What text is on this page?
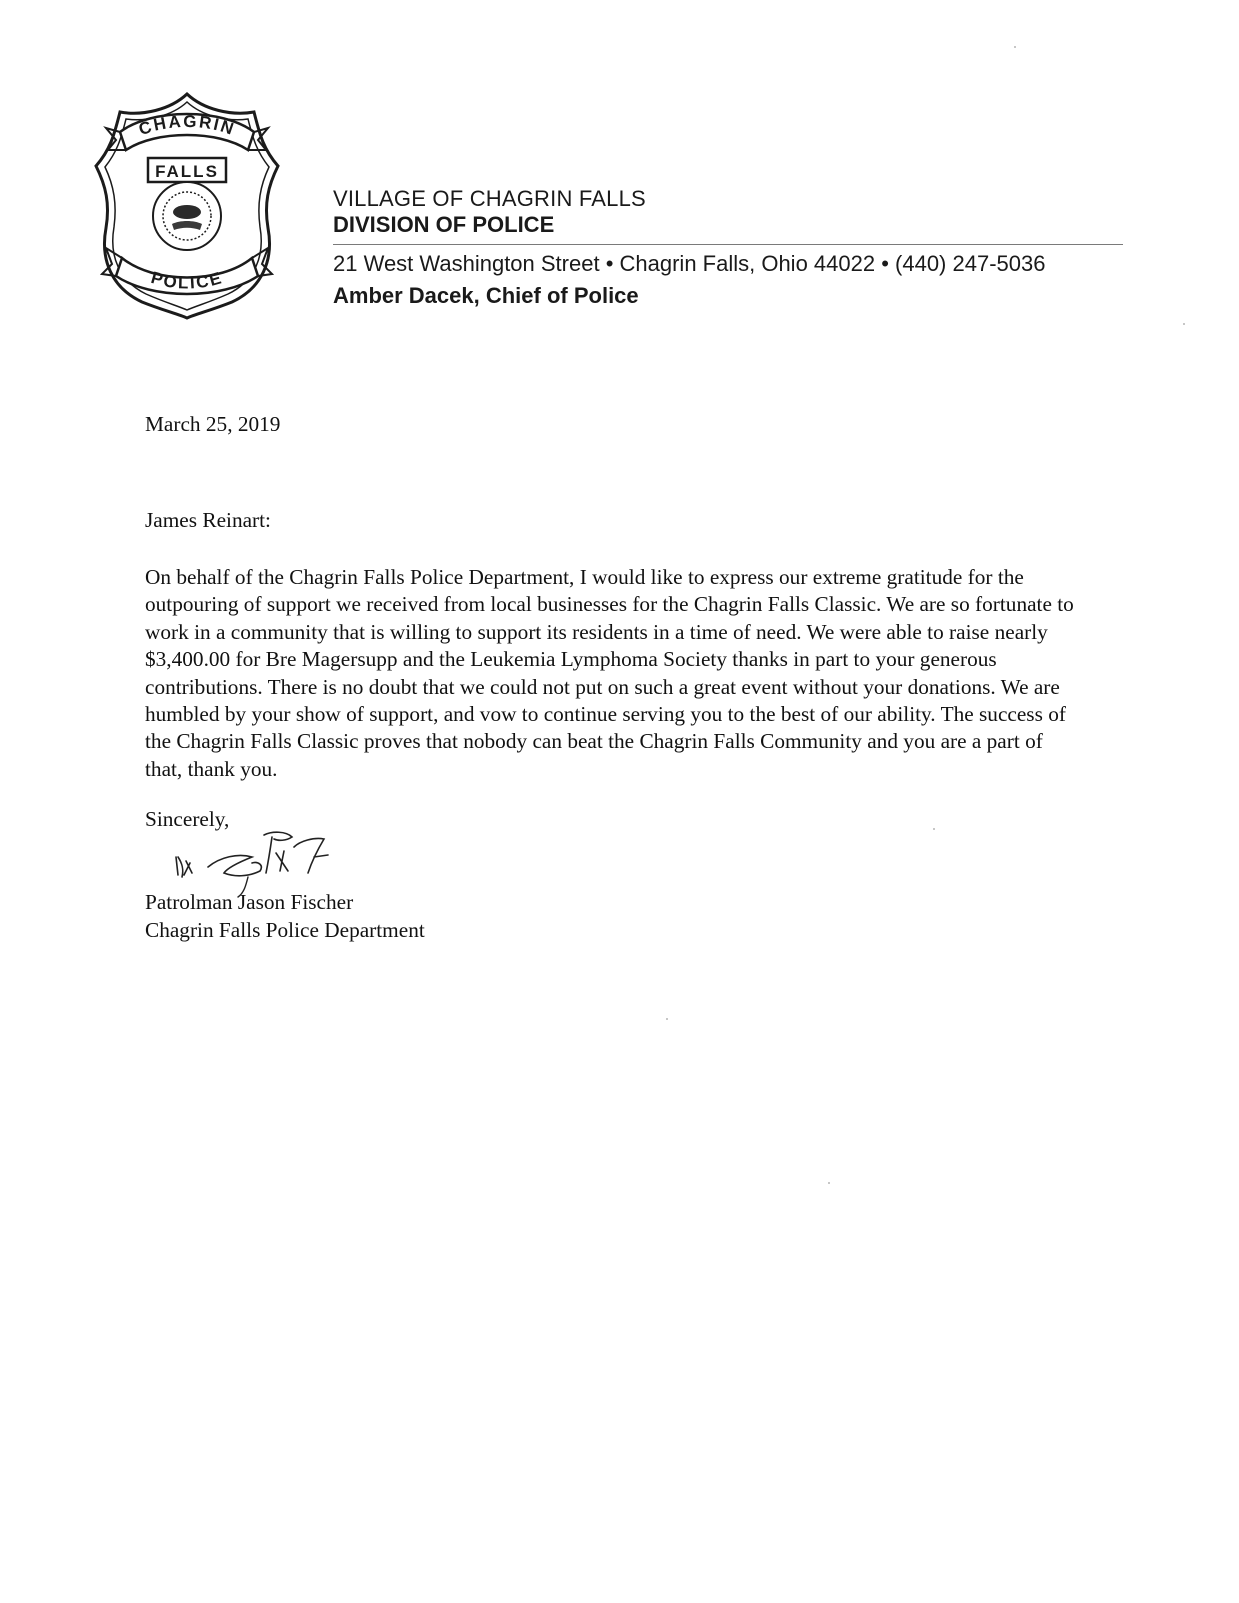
CHAGRIN
FALLS
POLICE
VILLAGE OF CHAGRIN FALLS
DIVISION OF POLICE
21 West Washington Street • Chagrin Falls, Ohio 44022 • (440) 247-5036
Amber Dacek, Chief of Police
March 25, 2019
James Reinart:
On behalf of the Chagrin Falls Police Department, I would like to express our extreme gratitude for the outpouring of support we received from local businesses for the Chagrin Falls Classic. We are so fortunate to work in a community that is willing to support its residents in a time of need. We were able to raise nearly $3,400.00 for Bre Magersupp and the Leukemia Lymphoma Society thanks in part to your generous contributions. There is no doubt that we could not put on such a great event without your donations. We are humbled by your show of support, and vow to continue serving you to the best of our ability. The success of the Chagrin Falls Classic proves that nobody can beat the Chagrin Falls Community and you are a part of that, thank you.
Sincerely,
Patrolman Jason Fischer
Chagrin Falls Police Department
